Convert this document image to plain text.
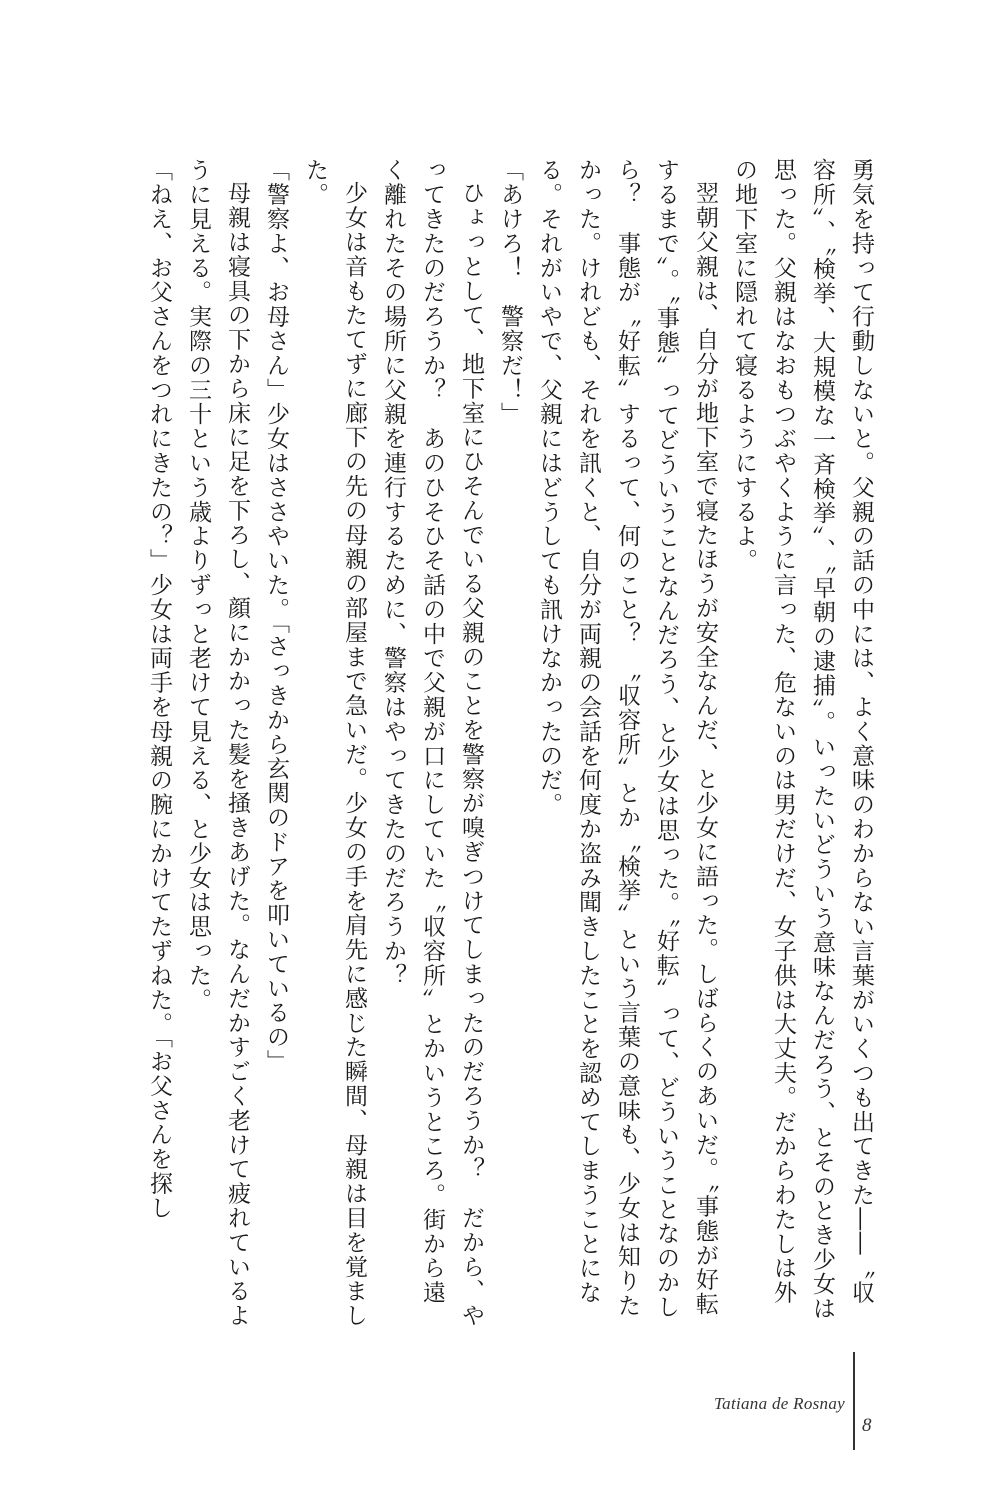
勇気を持って行動しないと。父親の話の中には、よく意味のわからない言葉がいくつも出てきた――〝収容所〟、〝検挙、大規模な一斉検挙〟、〝早朝の逮捕〟。いったいどういう意味なんだろう、とそのとき少女は思った。父親はなおもつぶやくように言った、危ないのは男だけだ、女子供は大丈夫。だからわたしは外の地下室に隠れて寝るようにするよ。

翌朝父親は、自分が地下室で寝たほうが安全なんだ、と少女に語った。しばらくのあいだ。〝事態が好転するまで〟。〝事態〟ってどういうことなんだろう、と少女は思った。〝好転〟って、どういうことなのかしら？　事態が〝好転〟するって、何のこと？　〝収容所〟とか〝検挙〟という言葉の意味も、少女は知りたかった。けれども、それを訊くと、自分が両親の会話を何度か盗み聞きしたことを認めてしまうことになる。それがいやで、父親にはどうしても訊けなかったのだ。

「あけろ！　警察だ！」

ひょっとして、地下室にひそんでいる父親のことを警察が嗅ぎつけてしまったのだろうか？　だから、やってきたのだろうか？　あのひそひそ話の中で父親が口にしていた〝収容所〟とかいうところ。街から遠く離れたその場所に父親を連行するために、警察はやってきたのだろうか？

少女は音もたてずに廊下の先の母親の部屋まで急いだ。少女の手を肩先に感じた瞬間、母親は目を覚ました。

「警察よ、お母さん」少女はささやいた。「さっきから玄関のドアを叩いているの」

母親は寝具の下から床に足を下ろし、顔にかかった髪を掻きあげた。なんだかすごく老けて疲れているように見える。実際の三十という歳よりずっと老けて見える、と少女は思った。

「ねえ、お父さんをつれにきたの？」少女は両手を母親の腕にかけてたずねた。「お父さんを探し

Tatiana de Rosnay
8
